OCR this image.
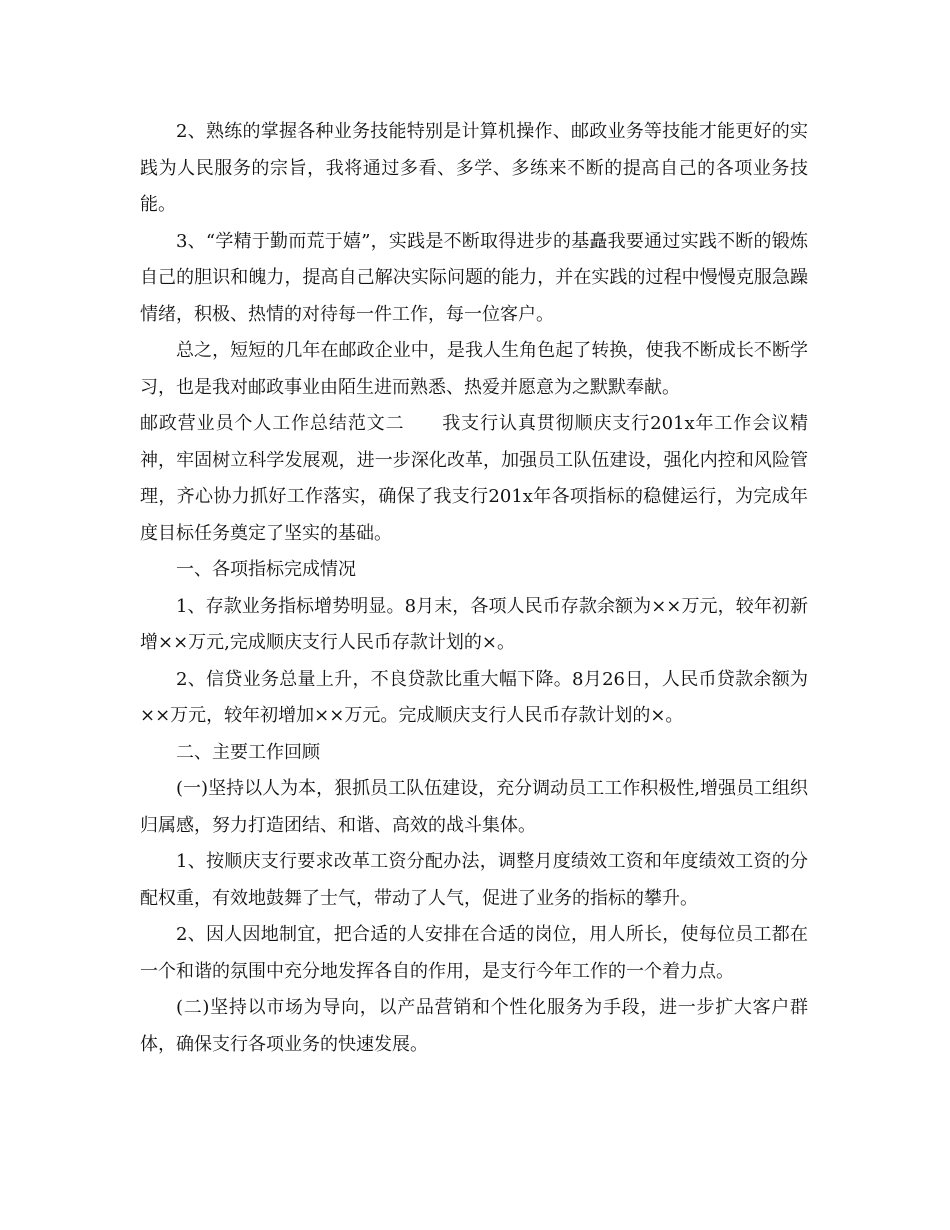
2、熟练的掌握各种业务技能特别是计算机操作、邮政业务等技能才能更好的实践为人民服务的宗旨，我将通过多看、多学、多练来不断的提高自己的各项业务技能。

3、“学精于勤而荒于嬉”，实践是不断取得进步的基矗我要通过实践不断的锻炼自己的胆识和魄力，提高自己解决实际问题的能力，并在实践的过程中慢慢克服急躁情绪，积极、热情的对待每一件工作，每一位客户。

总之，短短的几年在邮政企业中，是我人生角色起了转换，使我不断成长不断学习，也是我对邮政事业由陌生进而熟悉、热爱并愿意为之默默奉献。

邮政营业员个人工作总结范文二　　我支行认真贯彻顺庆支行201x年工作会议精神，牢固树立科学发展观，进一步深化改革，加强员工队伍建设，强化内控和风险管理，齐心协力抓好工作落实，确保了我支行201x年各项指标的稳健运行，为完成年度目标任务奠定了坚实的基础。

一、各项指标完成情况

1、存款业务指标增势明显。8月末，各项人民币存款余额为××万元，较年初新增××万元,完成顺庆支行人民币存款计划的×。

2、信贷业务总量上升，不良贷款比重大幅下降。8月26日，人民币贷款余额为××万元，较年初增加××万元。完成顺庆支行人民币存款计划的×。

二、主要工作回顾

(一)坚持以人为本，狠抓员工队伍建设，充分调动员工工作积极性,增强员工组织归属感，努力打造团结、和谐、高效的战斗集体。

1、按顺庆支行要求改革工资分配办法，调整月度绩效工资和年度绩效工资的分配权重，有效地鼓舞了士气，带动了人气，促进了业务的指标的攀升。

2、因人因地制宜，把合适的人安排在合适的岗位，用人所长，使每位员工都在一个和谐的氛围中充分地发挥各自的作用，是支行今年工作的一个着力点。

(二)坚持以市场为导向，以产品营销和个性化服务为手段，进一步扩大客户群体，确保支行各项业务的快速发展。
